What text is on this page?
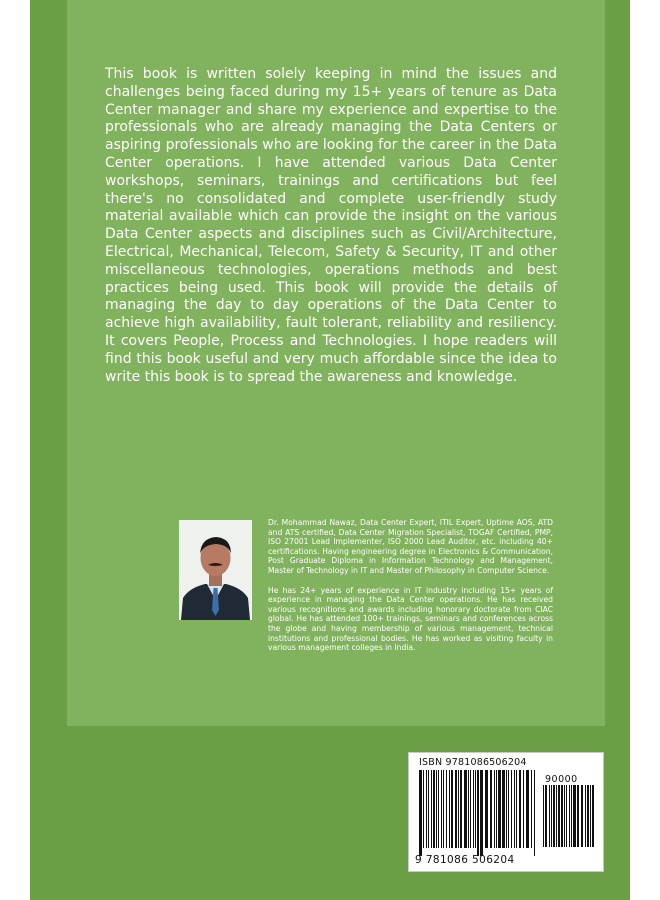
This book is written solely keeping in mind the issues and challenges being faced during my 15+ years of tenure as Data Center manager and share my experience and expertise to the professionals who are already managing the Data Centers or aspiring professionals who are looking for the career in the Data Center operations. I have attended various Data Center workshops, seminars, trainings and certifications but feel there's no consolidated and complete user-friendly study material available which can provide the insight on the various Data Center aspects and disciplines such as Civil/Architecture, Electrical, Mechanical, Telecom, Safety & Security, IT and other miscellaneous technologies, operations methods and best practices being used. This book will provide the details of managing the day to day operations of the Data Center to achieve high availability, fault tolerant, reliability and resiliency. It covers People, Process and Technologies. I hope readers will find this book useful and very much affordable since the idea to write this book is to spread the awareness and knowledge.

Dr. Mohammad Nawaz, Data Center Expert, ITIL Expert, Uptime AOS, ATD and ATS certified, Data Center Migration Specialist, TOGAF Certified, PMP, ISO 27001 Lead Implementer, ISO 2000 Lead Auditor, etc. including 40+ certifications. Having engineering degree in Electronics & Communication, Post Graduate Diploma in Information Technology and Management, Master of Technology in IT and Master of Philosophy in Computer Science.

He has 24+ years of experience in IT industry including 15+ years of experience in managing the Data Center operations. He has received various recognitions and awards including honorary doctorate from CIAC global. He has attended 100+ trainings, seminars and conferences across the globe and having membership of various management, technical institutions and professional bodies. He has worked as visiting faculty in various management colleges in India.

ISBN 9781086506204
90000
9 781086 506204
